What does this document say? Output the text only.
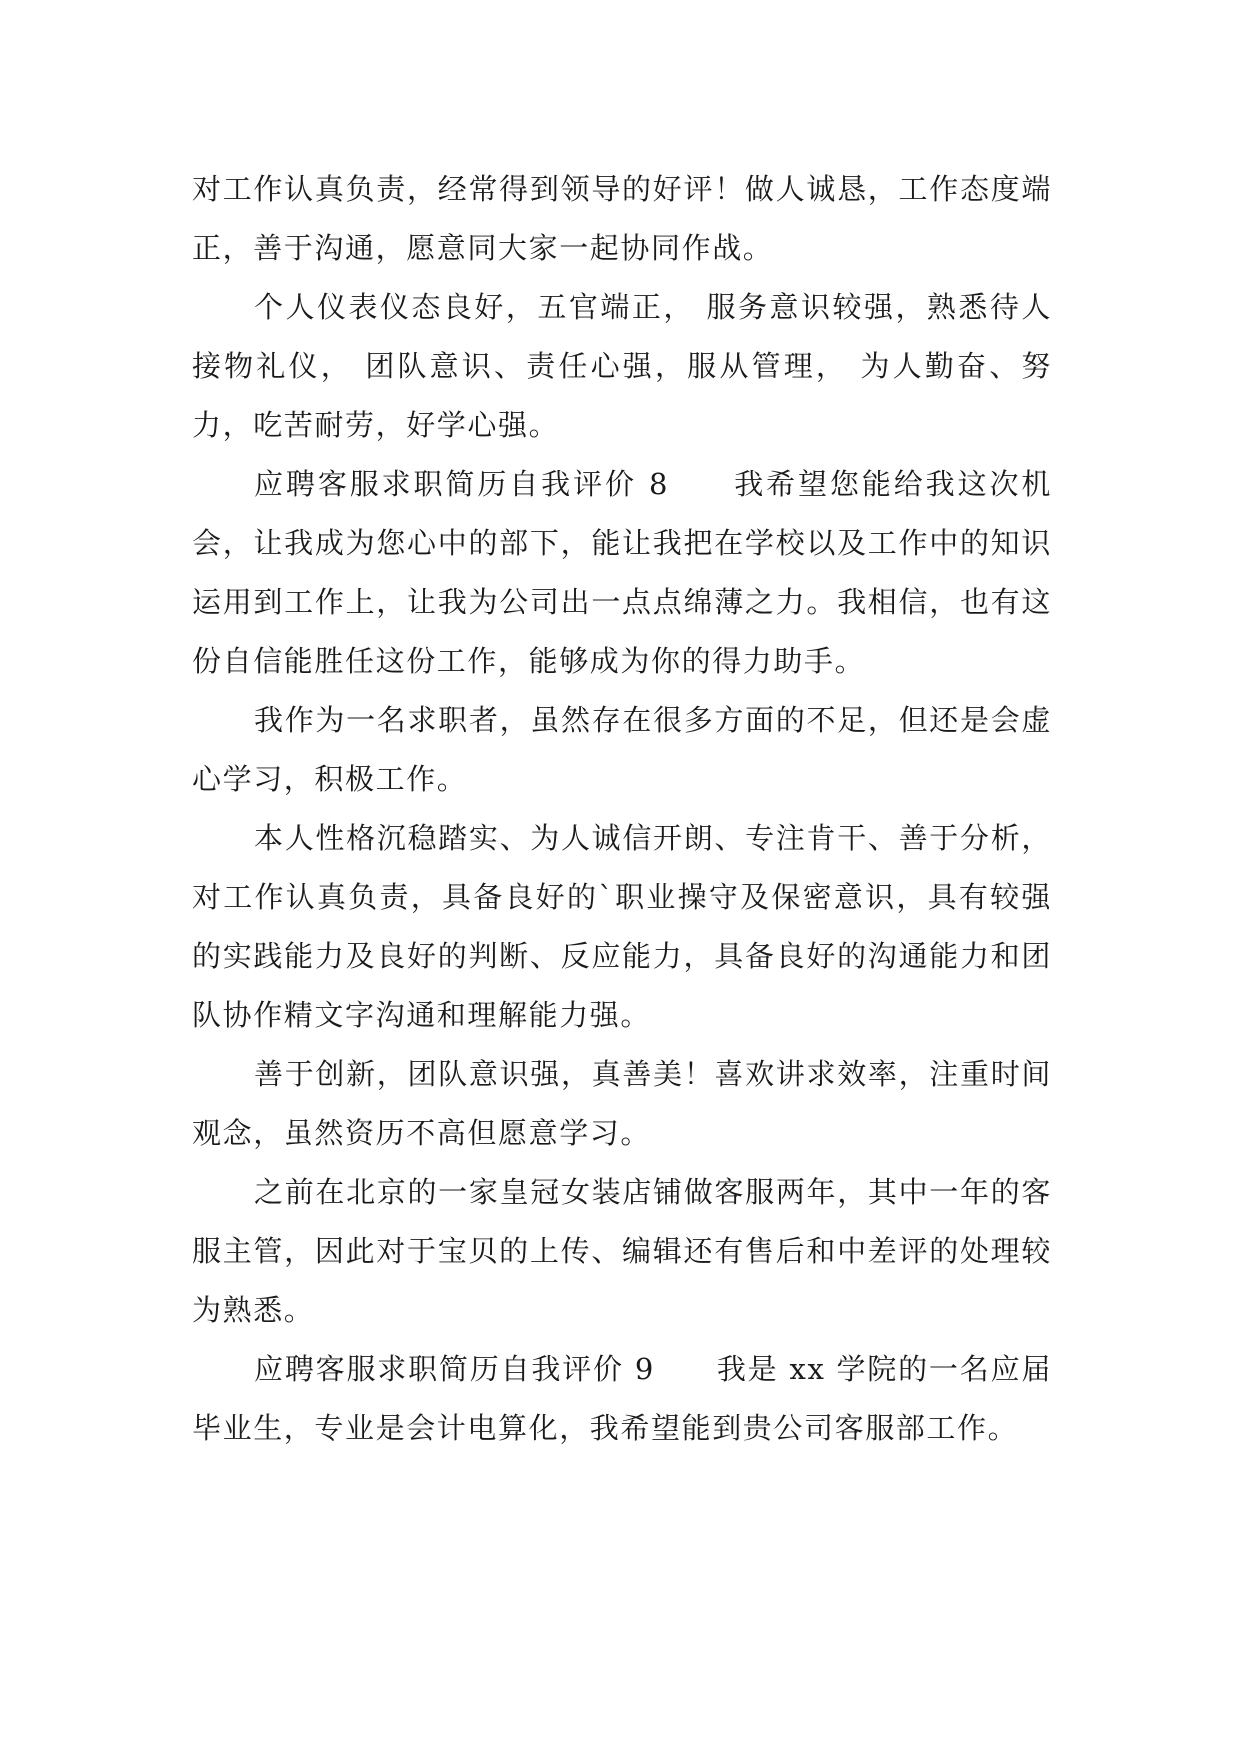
对工作认真负责，经常得到领导的好评！做人诚恳，工作态度端正，善于沟通，愿意同大家一起协同作战。

个人仪表仪态良好，五官端正， 服务意识较强，熟悉待人接物礼仪， 团队意识、责任心强，服从管理， 为人勤奋、努力，吃苦耐劳，好学心强。

应聘客服求职简历自我评价 8　　我希望您能给我这次机会，让我成为您心中的部下，能让我把在学校以及工作中的知识运用到工作上，让我为公司出一点点绵薄之力。我相信，也有这份自信能胜任这份工作，能够成为你的得力助手。

我作为一名求职者，虽然存在很多方面的不足，但还是会虚心学习，积极工作。

本人性格沉稳踏实、为人诚信开朗、专注肯干、善于分析，对工作认真负责，具备良好的`职业操守及保密意识，具有较强的实践能力及良好的判断、反应能力，具备良好的沟通能力和团队协作精文字沟通和理解能力强。

善于创新，团队意识强，真善美！喜欢讲求效率，注重时间观念，虽然资历不高但愿意学习。

之前在北京的一家皇冠女装店铺做客服两年，其中一年的客服主管，因此对于宝贝的上传、编辑还有售后和中差评的处理较为熟悉。

应聘客服求职简历自我评价 9　　我是 xx 学院的一名应届毕业生，专业是会计电算化，我希望能到贵公司客服部工作。
